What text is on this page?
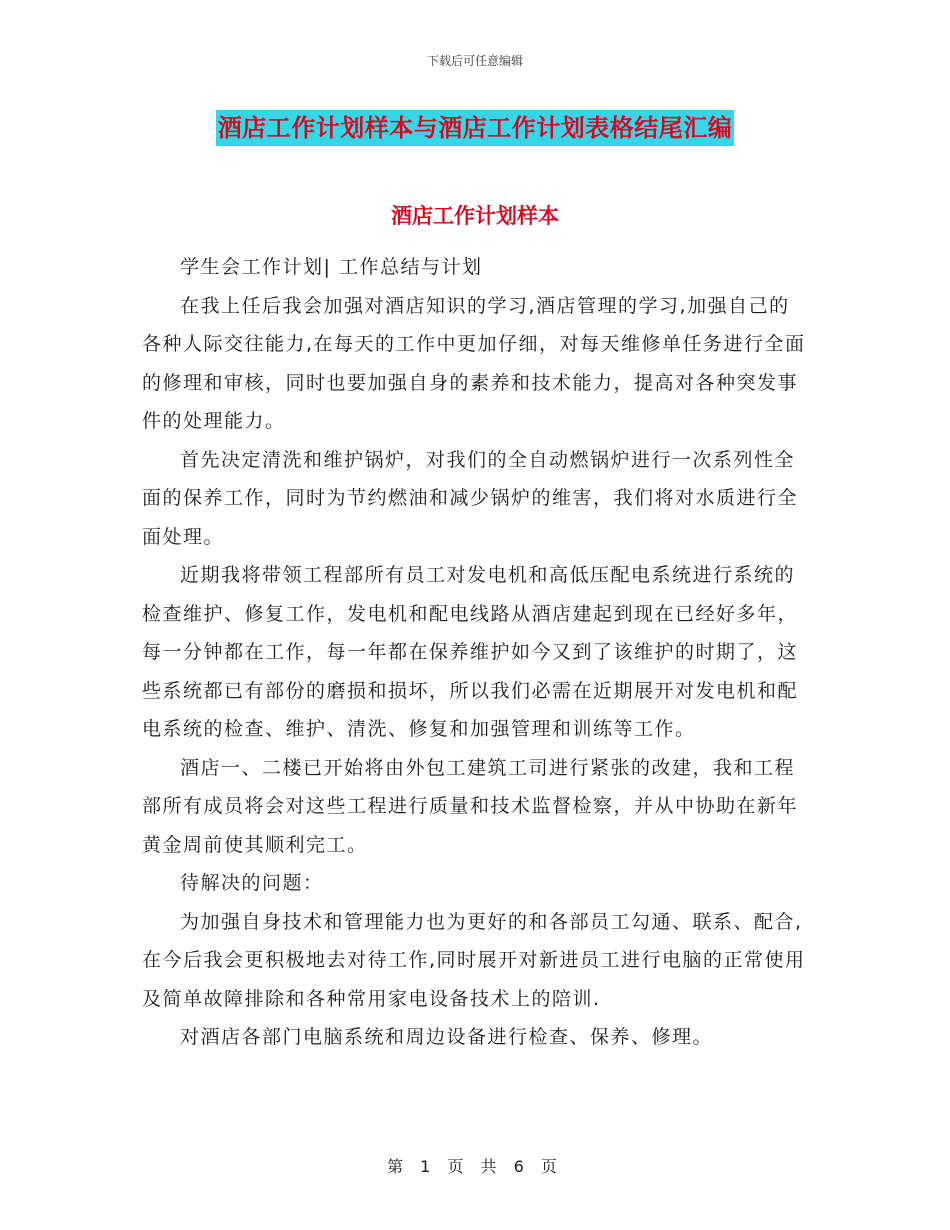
下载后可任意编辑
酒店工作计划样本与酒店工作计划表格结尾汇编
酒店工作计划样本

学生会工作计划| 工作总结与计划

在我上任后我会加强对酒店知识的学习,酒店管理的学习,加强自己的各种人际交往能力,在每天的工作中更加仔细，对每天维修单任务进行全面的修理和审核，同时也要加强自身的素养和技术能力，提高对各种突发事件的处理能力。

首先决定清洗和维护锅炉，对我们的全自动燃锅炉进行一次系列性全面的保养工作，同时为节约燃油和减少锅炉的维害，我们将对水质进行全面处理。

近期我将带领工程部所有员工对发电机和高低压配电系统进行系统的检查维护、修复工作，发电机和配电线路从酒店建起到现在已经好多年，每一分钟都在工作，每一年都在保养维护如今又到了该维护的时期了，这些系统都已有部份的磨损和损坏，所以我们必需在近期展开对发电机和配电系统的检查、维护、清洗、修复和加强管理和训练等工作。

酒店一、二楼已开始将由外包工建筑工司进行紧张的改建，我和工程部所有成员将会对这些工程进行质量和技术监督检察，并从中协助在新年黄金周前使其顺利完工。

待解决的问题：

为加强自身技术和管理能力也为更好的和各部员工勾通、联系、配合,在今后我会更积极地去对待工作,同时展开对新进员工进行电脑的正常使用及简单故障排除和各种常用家电设备技术上的陪训.

对酒店各部门电脑系统和周边设备进行检查、保养、修理。

第 1 页 共 6 页
